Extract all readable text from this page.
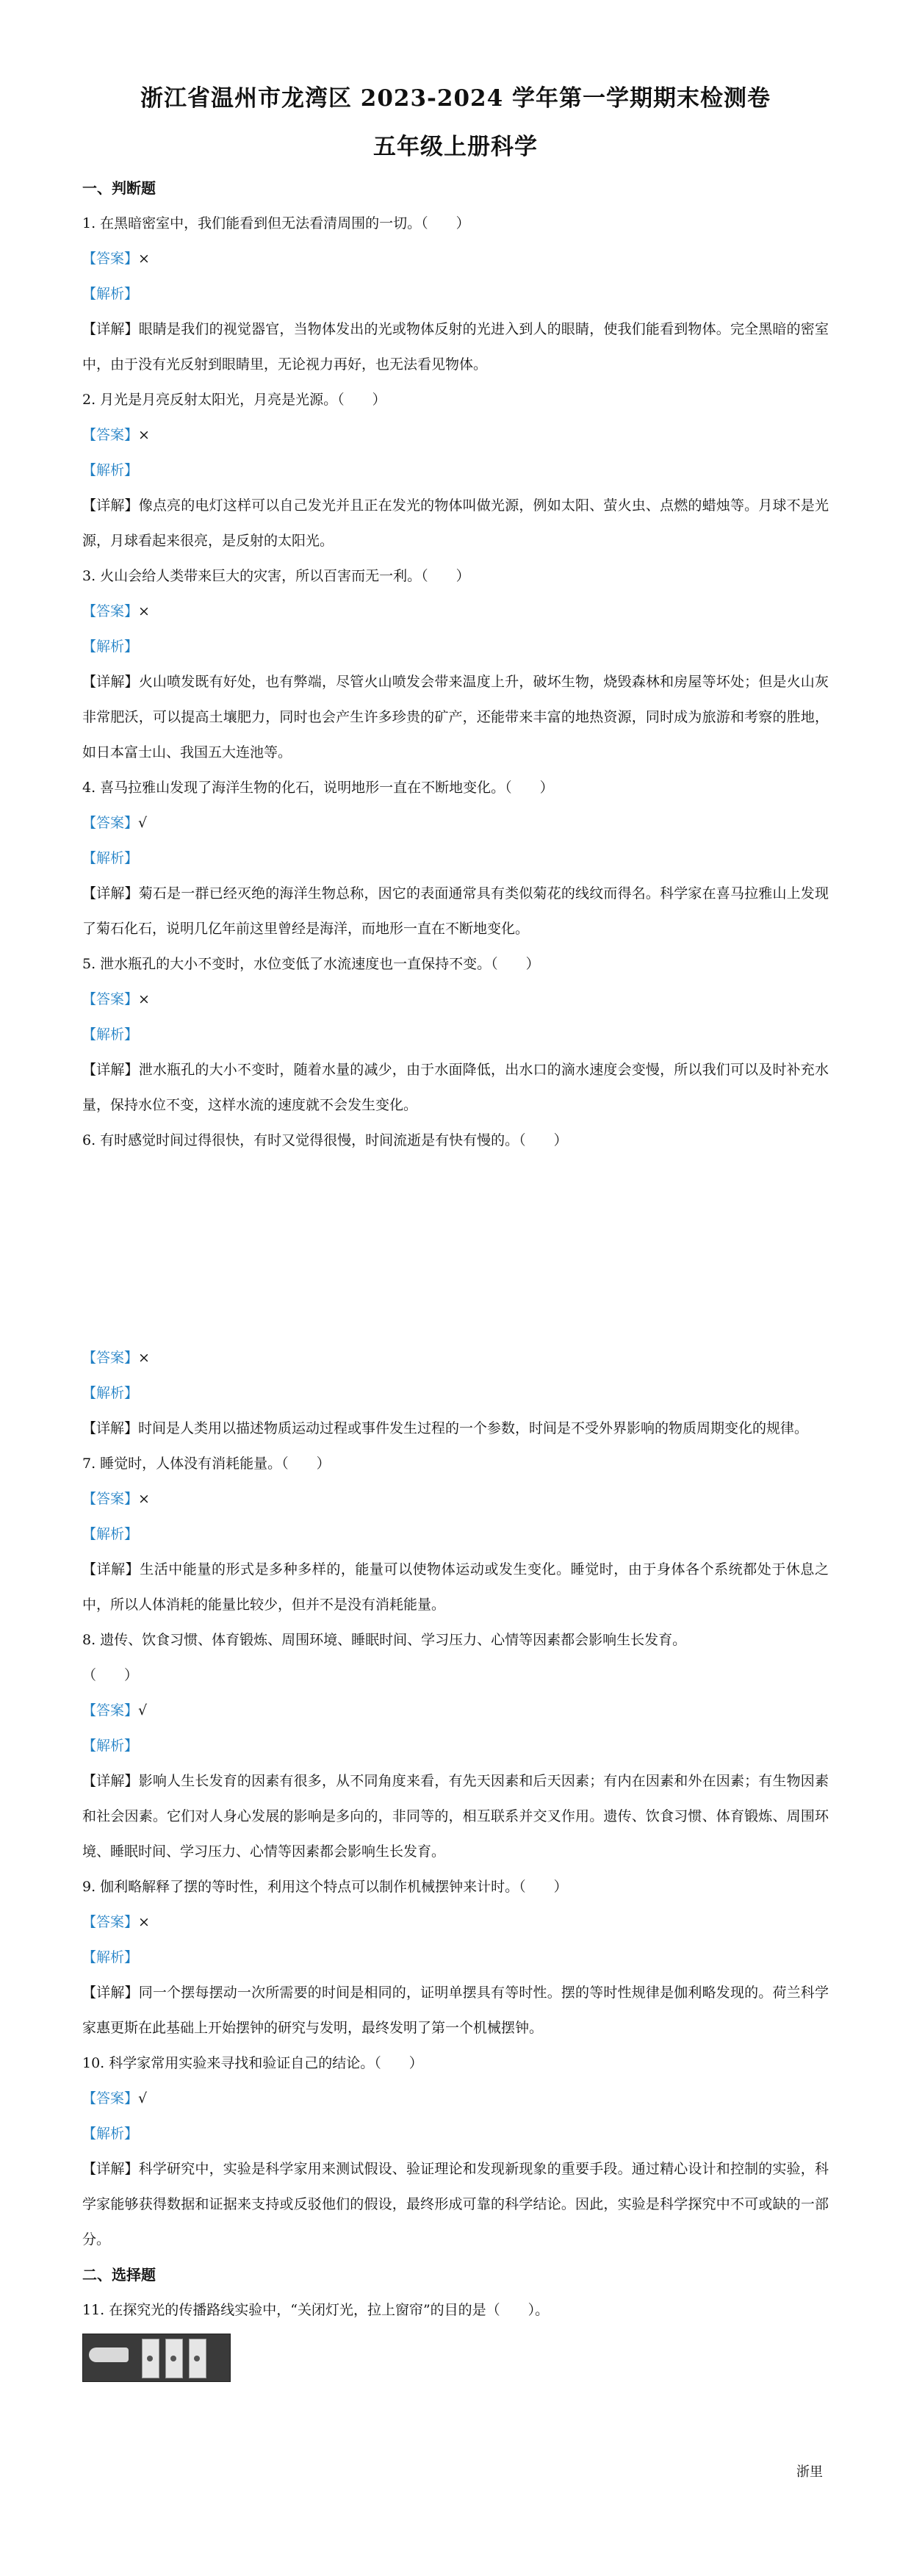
浙江省温州市龙湾区 2023-2024 学年第一学期期末检测卷
五年级上册科学
一、判断题
1. 在黑暗密室中，我们能看到但无法看清周围的一切。（　　）
【答案】×
【解析】

【详解】眼睛是我们的视觉器官，当物体发出的光或物体反射的光进入到人的眼睛，使我们能看到物体。完全黑暗的密室中，由于没有光反射到眼睛里，无论视力再好，也无法看见物体。

2. 月光是月亮反射太阳光，月亮是光源。（　　）
【答案】×
【解析】

【详解】像点亮的电灯这样可以自己发光并且正在发光的物体叫做光源，例如太阳、萤火虫、点燃的蜡烛等。月球不是光源，月球看起来很亮，是反射的太阳光。

3. 火山会给人类带来巨大的灾害，所以百害而无一利。（　　）
【答案】×
【解析】

【详解】火山喷发既有好处，也有弊端，尽管火山喷发会带来温度上升，破坏生物，烧毁森林和房屋等坏处；但是火山灰非常肥沃，可以提高土壤肥力，同时也会产生许多珍贵的矿产，还能带来丰富的地热资源，同时成为旅游和考察的胜地，如日本富士山、我国五大连池等。

4. 喜马拉雅山发现了海洋生物的化石，说明地形一直在不断地变化。（　　）
【答案】√
【解析】

【详解】菊石是一群已经灭绝的海洋生物总称，因它的表面通常具有类似菊花的线纹而得名。科学家在喜马拉雅山上发现了菊石化石，说明几亿年前这里曾经是海洋，而地形一直在不断地变化。

5. 泄水瓶孔的大小不变时，水位变低了水流速度也一直保持不变。（　　）
【答案】×
【解析】

【详解】泄水瓶孔的大小不变时，随着水量的减少，由于水面降低，出水口的滴水速度会变慢，所以我们可以及时补充水量，保持水位不变，这样水流的速度就不会发生变化。

6. 有时感觉时间过得很快，有时又觉得很慢，时间流逝是有快有慢的。（　　）
【答案】×
【解析】

【详解】时间是人类用以描述物质运动过程或事件发生过程的一个参数，时间是不受外界影响的物质周期变化的规律。

7. 睡觉时，人体没有消耗能量。（　　）
【答案】×
【解析】

【详解】生活中能量的形式是多种多样的，能量可以使物体运动或发生变化。睡觉时，由于身体各个系统都处于休息之中，所以人体消耗的能量比较少，但并不是没有消耗能量。

8. 遗传、饮食习惯、体育锻炼、周围环境、睡眠时间、学习压力、心情等因素都会影响生长发育。
（　　）
【答案】√
【解析】

【详解】影响人生长发育的因素有很多，从不同角度来看，有先天因素和后天因素；有内在因素和外在因素；有生物因素和社会因素。它们对人身心发展的影响是多向的，非同等的，相互联系并交叉作用。遗传、饮食习惯、体育锻炼、周围环境、睡眠时间、学习压力、心情等因素都会影响生长发育。

9. 伽利略解释了摆的等时性，利用这个特点可以制作机械摆钟来计时。（　　）
【答案】×
【解析】

【详解】同一个摆每摆动一次所需要的时间是相同的，证明单摆具有等时性。摆的等时性规律是伽利略发现的。荷兰科学家惠更斯在此基础上开始摆钟的研究与发明，最终发明了第一个机械摆钟。

10. 科学家常用实验来寻找和验证自己的结论。（　　）
【答案】√
【解析】

【详解】科学研究中，实验是科学家用来测试假设、验证理论和发现新现象的重要手段。通过精心设计和控制的实验，科学家能够获得数据和证据来支持或反驳他们的假设，最终形成可靠的科学结论。因此，实验是科学探究中不可或缺的一部分。

二、选择题
11. 在探究光的传播路线实验中，“关闭灯光，拉上窗帘”的目的是（　　）。
浙里
